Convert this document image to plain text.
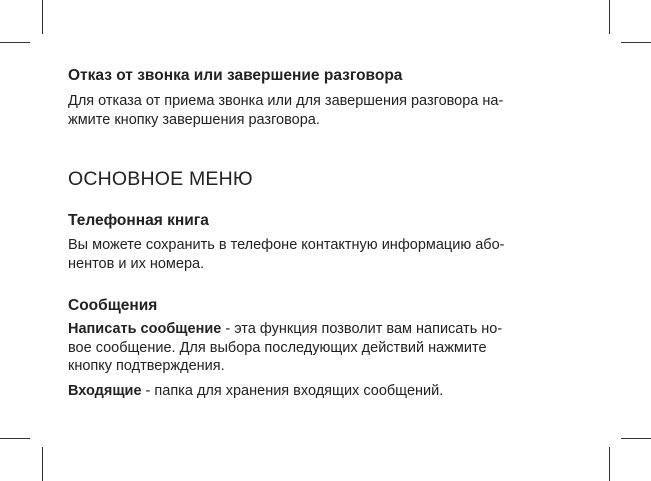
Отказ от звонка или завершение разговора
Для отказа от приема звонка или для завершения разговора на-
жмите кнопку завершения разговора.
ОСНОВНОЕ МЕНЮ
Телефонная книга
Вы можете сохранить в телефоне контактную информацию або-
нентов и их номера.
Сообщения
Написать сообщение - эта функция позволит вам написать но-
вое сообщение. Для выбора последующих действий нажмите
кнопку подтверждения.
Входящие - папка для хранения входящих сообщений.
